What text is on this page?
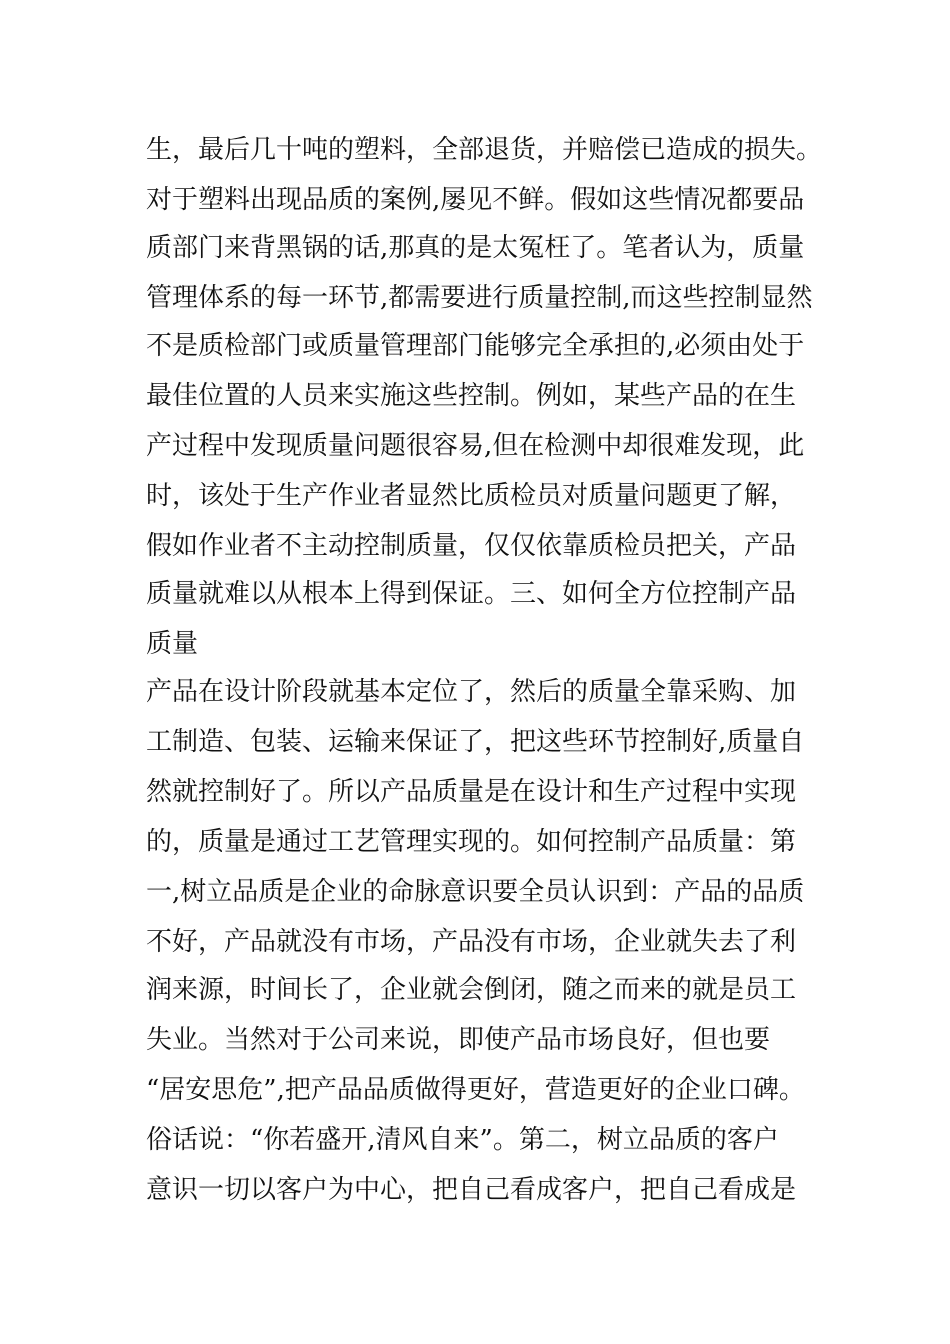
生，最后几十吨的塑料，全部退货，并赔偿已造成的损失。
对于塑料出现品质的案例,屡见不鲜。假如这些情况都要品
质部门来背黑锅的话,那真的是太冤枉了。笔者认为，质量
管理体系的每一环节,都需要进行质量控制,而这些控制显然
不是质检部门或质量管理部门能够完全承担的,必须由处于
最佳位置的人员来实施这些控制。例如，某些产品的在生
产过程中发现质量问题很容易,但在检测中却很难发现，此
时，该处于生产作业者显然比质检员对质量问题更了解，
假如作业者不主动控制质量，仅仅依靠质检员把关，产品
质量就难以从根本上得到保证。三、如何全方位控制产品
质量
产品在设计阶段就基本定位了，然后的质量全靠采购、加
工制造、包装、运输来保证了，把这些环节控制好,质量自
然就控制好了。所以产品质量是在设计和生产过程中实现
的，质量是通过工艺管理实现的。如何控制产品质量：第
一,树立品质是企业的命脉意识要全员认识到：产品的品质
不好，产品就没有市场，产品没有市场，企业就失去了利
润来源，时间长了，企业就会倒闭，随之而来的就是员工
失业。当然对于公司来说，即使产品市场良好，但也要
“居安思危”,把产品品质做得更好，营造更好的企业口碑。
俗话说：“你若盛开,清风自来”。第二，树立品质的客户
意识一切以客户为中心，把自己看成客户，把自己看成是
